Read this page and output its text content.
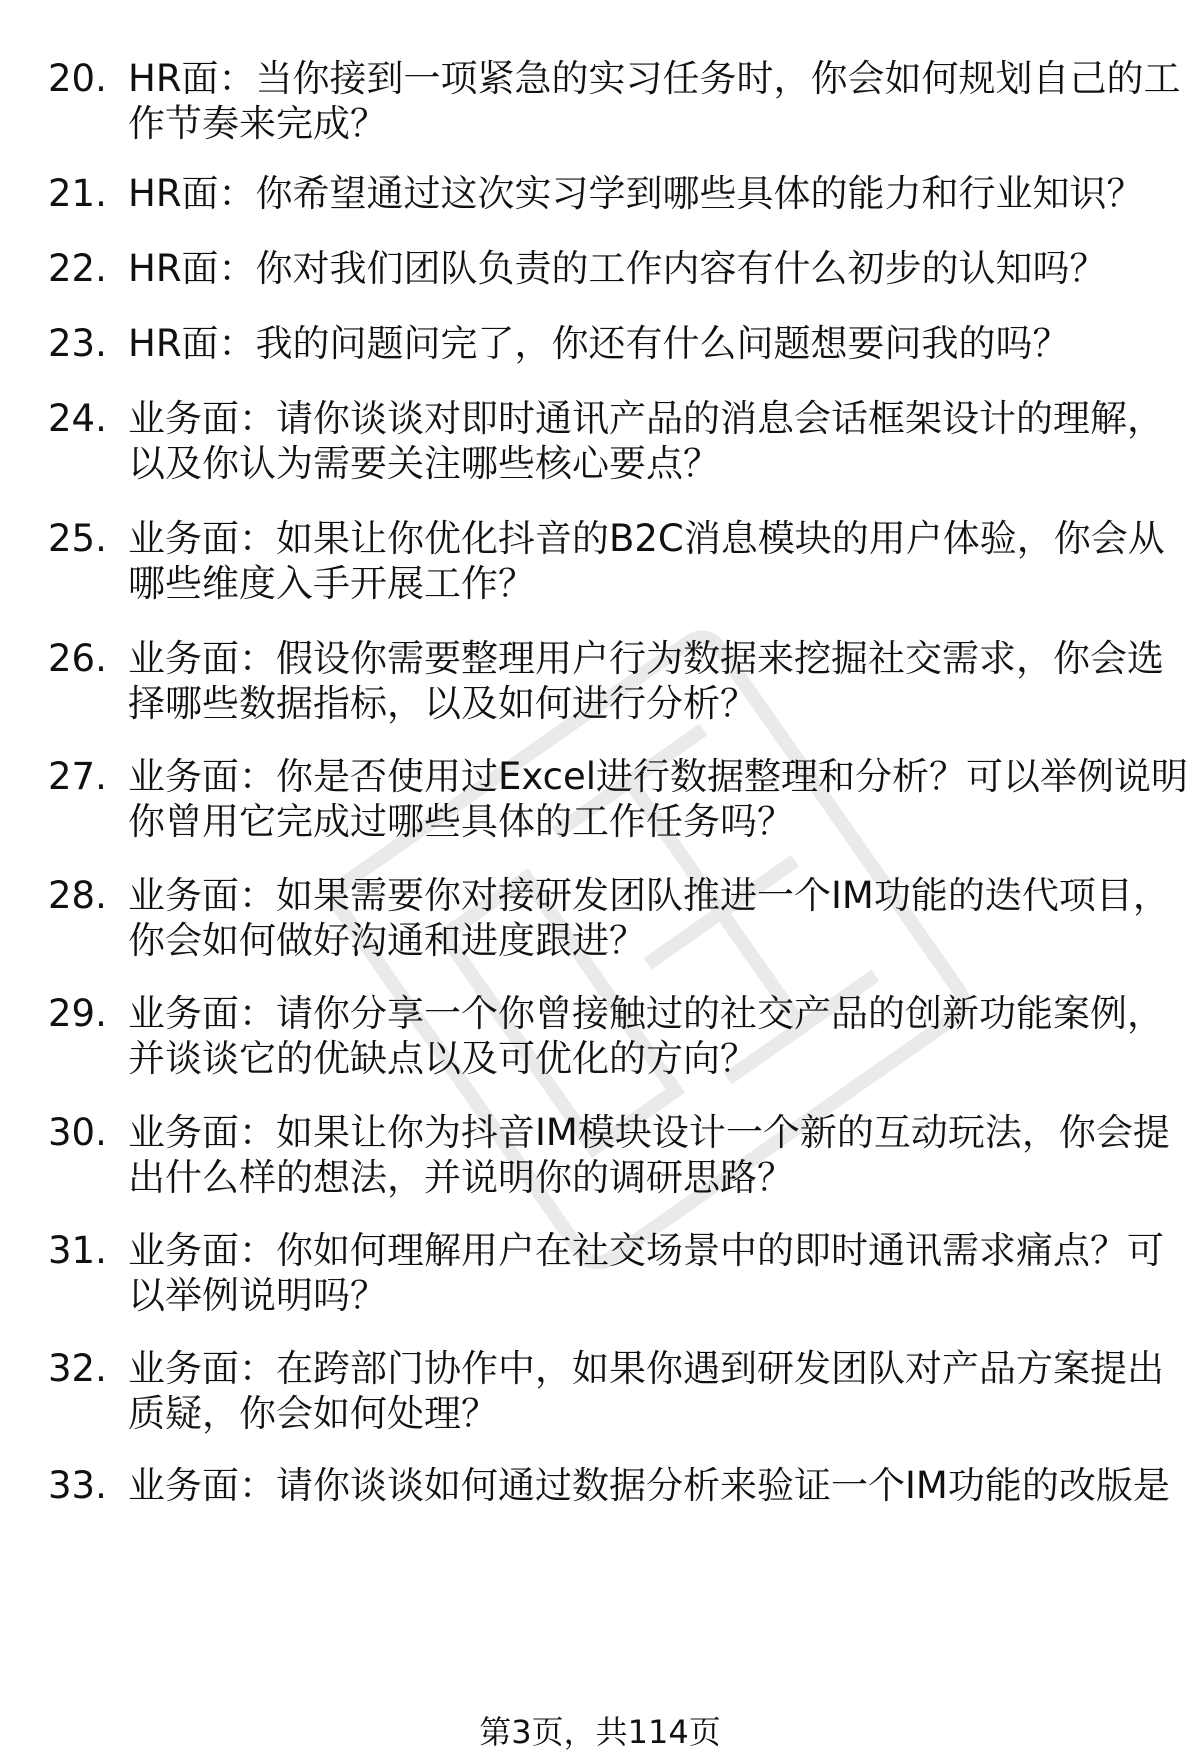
20. HR面：当你接到一项紧急的实习任务时，你会如何规划自己的工
作节奏来完成？
21. HR面：你希望通过这次实习学到哪些具体的能力和行业知识？
22. HR面：你对我们团队负责的工作内容有什么初步的认知吗？
23. HR面：我的问题问完了，你还有什么问题想要问我的吗？
24. 业务面：请你谈谈对即时通讯产品的消息会话框架设计的理解，
以及你认为需要关注哪些核心要点？
25. 业务面：如果让你优化抖音的B2C消息模块的用户体验，你会从
哪些维度入手开展工作？
26. 业务面：假设你需要整理用户行为数据来挖掘社交需求，你会选
择哪些数据指标，以及如何进行分析？
27. 业务面：你是否使用过Excel进行数据整理和分析？可以举例说明
你曾用它完成过哪些具体的工作任务吗？
28. 业务面：如果需要你对接研发团队推进一个IM功能的迭代项目，
你会如何做好沟通和进度跟进？
29. 业务面：请你分享一个你曾接触过的社交产品的创新功能案例，
并谈谈它的优缺点以及可优化的方向？
30. 业务面：如果让你为抖音IM模块设计一个新的互动玩法，你会提
出什么样的想法，并说明你的调研思路？
31. 业务面：你如何理解用户在社交场景中的即时通讯需求痛点？可
以举例说明吗？
32. 业务面：在跨部门协作中，如果你遇到研发团队对产品方案提出
质疑，你会如何处理？
33. 业务面：请你谈谈如何通过数据分析来验证一个IM功能的改版是
第3页，共114页
